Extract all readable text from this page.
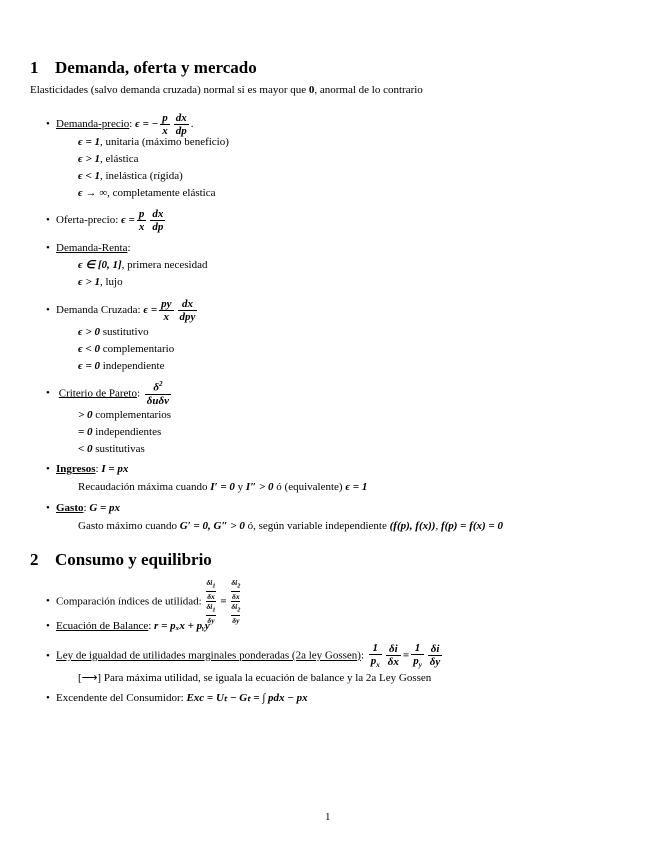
1 Demanda, oferta y mercado
Elasticidades (salvo demanda cruzada) normal si es mayor que 0, anormal de lo contrario
• Demanda-precio: ϵ = − $\frac{p}{x} \frac{dx}{dp}$ .
ϵ = 1, unitaria (máximo beneficio)
ϵ > 1, elástica
ϵ < 1, inelástica (rígida)
ϵ → ∞, completamente elástica
• Oferta-precio: $\epsilon = \frac{p}{x} \frac{dx}{dp}$
• Demanda-Renta:
ϵ ∈ [0, 1], primera necesidad
ϵ > 1, lujo
• Demanda Cruzada: $\epsilon = \frac{py}{x} \frac{dx}{\text{dpy}}$
ϵ > 0 sustitutivo
ϵ < 0 complementario
ϵ = 0 independiente
• Criterio de Pareto: $\frac{\delta^2}{\text{δuδv}}$
> 0 complementarios
= 0 independientes
< 0 sustitutivas
• Ingresos: I = px
Recaudación máxima cuando I′ = 0 y I″ > 0 ó (equivalente) ϵ = 1
• Gasto: G = px
Gasto máximo cuando G′ = 0, G″ > 0 ó, según variable independiente (f(p), f(x)), f(p) = f(x) = 0
2 Consumo y equilibrio
• Comparación índices de utilidad:
$\delta i_1$
δx
$\delta i_1$
δy
=
$\delta i_2$
δx
$\delta i_2$
δy
• Ecuación de Balance: r = pₓx + pᵧy
• Ley de igualdad de utilidades marginales ponderadas (2a ley Gossen): $\frac{1}{p_x} \frac{\delta i}{\delta x} = \frac{1}{p_y} \frac{\delta i}{\delta y}$
[⟶] Para máxima utilidad, se iguala la ecuación de balance y la 2a Ley Gossen
• Excendente del Consumidor: Exc = Uₜ − Gₜ = ∫ pdx − px
1
